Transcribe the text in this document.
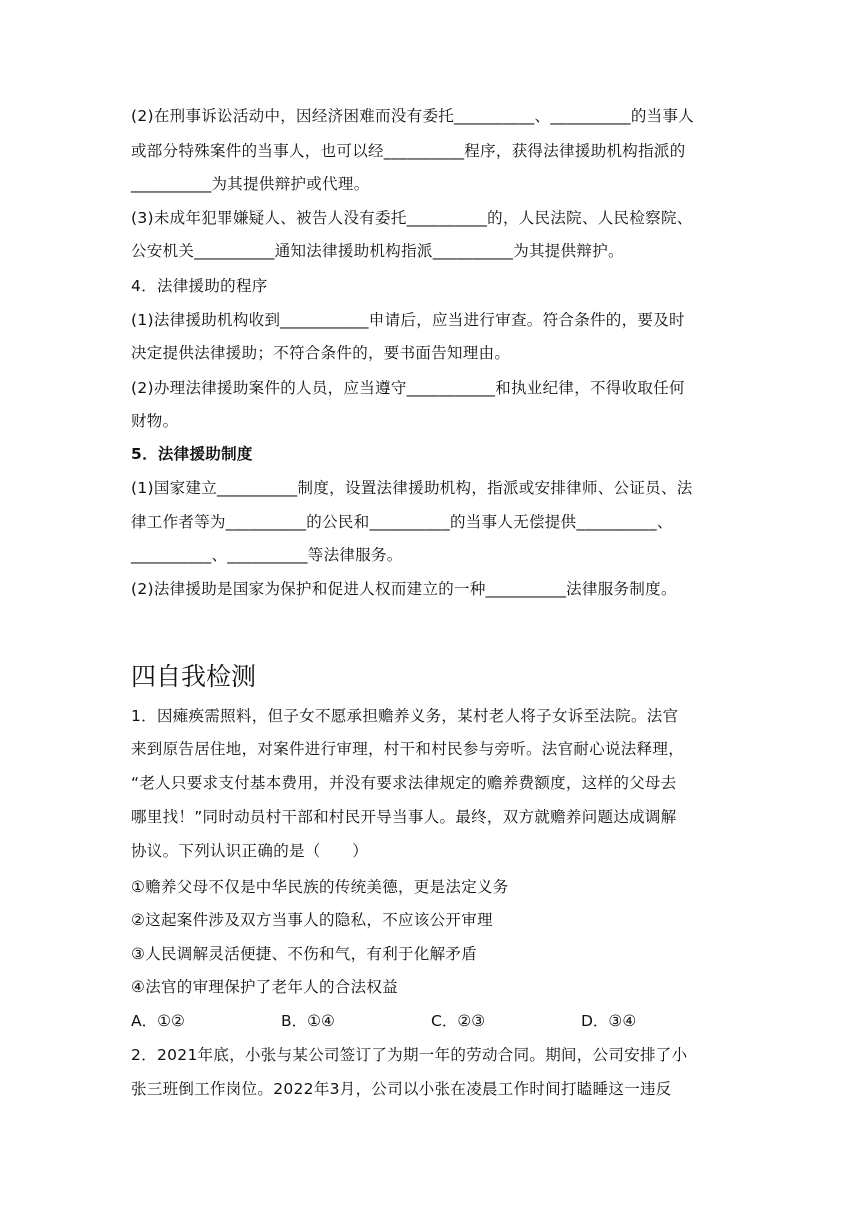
(2)在刑事诉讼活动中，因经济困难而没有委托__________、__________的当事人
或部分特殊案件的当事人，也可以经__________程序，获得法律援助机构指派的
__________为其提供辩护或代理。
(3)未成年犯罪嫌疑人、被告人没有委托__________的，人民法院、人民检察院、
公安机关__________通知法律援助机构指派__________为其提供辩护。
4．法律援助的程序
(1)法律援助机构收到___________申请后，应当进行审查。符合条件的，要及时
决定提供法律援助；不符合条件的，要书面告知理由。
(2)办理法律援助案件的人员，应当遵守___________和执业纪律，不得收取任何
财物。
5．法律援助制度
(1)国家建立__________制度，设置法律援助机构，指派或安排律师、公证员、法
律工作者等为__________的公民和__________的当事人无偿提供__________、
__________、__________等法律服务。
(2)法律援助是国家为保护和促进人权而建立的一种__________法律服务制度。
四自我检测
1．因瘫痪需照料，但子女不愿承担赡养义务，某村老人将子女诉至法院。法官
来到原告居住地，对案件进行审理，村干和村民参与旁听。法官耐心说法释理，
“老人只要求支付基本费用，并没有要求法律规定的赡养费额度，这样的父母去
哪里找！”同时动员村干部和村民开导当事人。最终，双方就赡养问题达成调解
协议。下列认识正确的是（　　）
①赡养父母不仅是中华民族的传统美德，更是法定义务
②这起案件涉及双方当事人的隐私，不应该公开审理
③人民调解灵活便捷、不伤和气，有利于化解矛盾
④法官的审理保护了老年人的合法权益
A．①②	B．①④	C．②③	D．③④
2．2021年底，小张与某公司签订了为期一年的劳动合同。期间，公司安排了小
张三班倒工作岗位。2022年3月，公司以小张在凌晨工作时间打瞌睡这一违反
